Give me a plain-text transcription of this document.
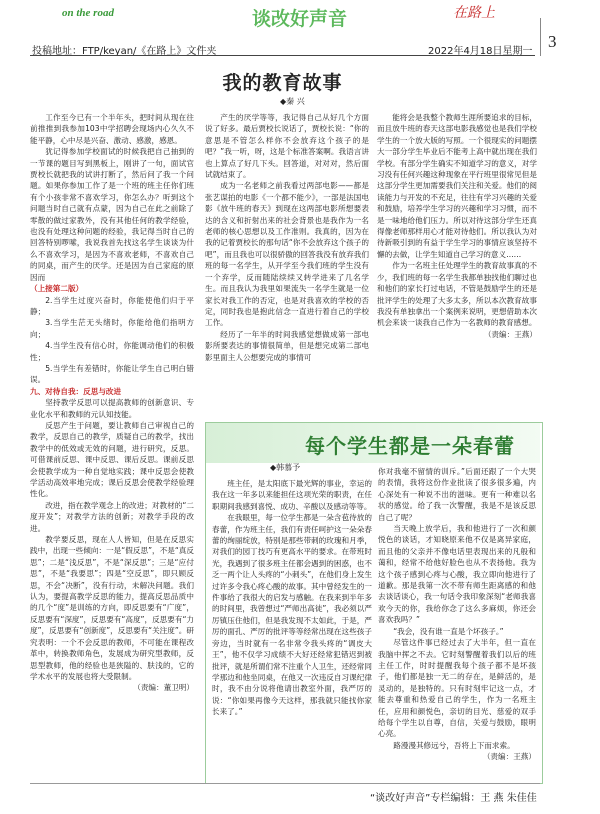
on the road	谈改好声音	在路上
投稿地址：FTP/keyan/《在路上》文件夹	2022年4月18日星期一
3
我的教育故事
◆秦 兴

工作至今已有一个半年头，把时间从现在往前推推到我参加103中学招聘会现场内心久久不能平静，心中尽是兴奋、激动、感激，感恩。

犹记得参加学校面试的时候我把自己抽到的一节课的题目写到黑板上，刚讲了一句，面试官贾校长就把我的试讲打断了，然后问了我一个问题。如果你参加工作了是一个班的班主任你们班有个小孩非常不喜欢学习，你怎么办？听到这个问题当时自己就有点蒙，因为自己在此之前除了零散的做过家教外，没有其他任何的教学经验，也没有处理这种问题的经验，我记得当时自己的回答特别啰嗦，我说我首先找这名学生谈谈为什么不喜欢学习，是因为不喜欢老师，不喜欢自己的同桌，而产生的厌学。还是因为自己家庭的原因而

（上接第二版）

2.当学生过度兴奋时，你能使他们归于平静；

3.当学生茫无头绪时，你能给他们指明方向；

4.当学生没有信心时，你能调动他们的积极性；

5.当学生有差错时，你能让学生自己明白错误。

九、对待自我：反思与改进

坚持教学反思可以提高教师的创新意识、专业化水平和教师的元认知技能。

反思产生于问题，要让教师自己审视自己的教学，反思自己的教学，质疑自己的教学，找出教学中的低效或无效的问题，进行研究，反思。可借课前反思、课中反思、课后反思。课前反思会使教学成为一种自觉地实践；课中反思会使教学活动高效率地完成；课后反思会使教学经验理性化。

改进，指在教学观念上的改进；对教材的“二度开发”；对教学方法的创新；对教学手段的改进。

教学要反思，现在人人皆知，但是在反思实践中，出现一些倾向：一是“假反思”，不是“真反思”；二是“浅反思”，不是“深反思”；三是“应付思”，不是“我要思”；四是“空反思”，即只顾反思，不会“决断”，没有行动，未解决问题。我们认为，要提高教学反思的能力，提高反思品质中的几个“度”是训练的方向，即反思要有“广度”，反思要有“深度”，反思要有“高度”，反思要有“力度”，反思要有“创新度”，反思要有“关注度”。研究表明：一个不会反思的教师，不可能在课程改革中，转换教师角色，发展成为研究型教师，反思型教师，他的经验也是狭隘的、肤浅的，它的学术水平的发展也将大受限制。

（责编：董卫明）

产生的厌学等等，我记得自己从好几个方面说了好多。最后贾校长说话了，贾校长说：“你的意思是不管怎么样你不会放弃这个孩子的是吧？”我一听，呀，这是个标准答案啊。我语言讲也上算点了好几下头。回答道，对对对，然后面试就结束了。

成为一名老师之前我看过两部电影——都是张艺谋拍的电影《一个都不能少》，一部是法国电影《放牛班的春天》到现在这两部电影所想要表达的含义和折射出来的社会背景也是我作为一名老师的核心思想以及工作准则。我真的，因为在我的记着贾校长的那句话“你不会放弃这个孩子的吧”，而且我也可以很骄傲的回答我没有放弃我们班的每一名学生，从开学至今我们班的学生没有一个弃学，反而随陆续续又转学进来了几名学生。而且我认为我里如果流失一名学生就是一位家长对我工作的否定，也是对我喜欢的学校的否定，同时我也是抱此信念一直进行着自己的学校工作。

经历了一年半的时间我感觉想做成第一部电影所要表达的事情很简单，但是想完成第二部电影里面主人公想要完成的事情可

能将会是我整个教师生涯所要追求的目标，而且放牛班的春天这部电影我感觉也是我们学校学生的一个放大版的写照。一个很现实的问题摆大一部分学生毕业后不能考上高中就出现在我们学校。有部分学生确实不知道学习的意义，对学习没有任何兴趣这种现象在平行班里很常见但是这部分学生更加需要我们关注和关爱。他们的阅读能力与开发的不充足，往往有学习兴趣的关爱和鼓励，培养学生学习的兴趣和学习习惯，而不是一味地给他们压力。所以对待这部分学生还真得像老师那样用心才能对待他们。所以我认为对待新吸引到的有益于学生学习的事情应该坚持不懈的去做，让学生知道自己学习的意义……

作为一名班主任处理学生的教育故事真的不少，我们班的每一名学生我都单独找他们聊过也和他们的家长打过电话，不管是鼓励学生的还是批评学生的处理了大多太多，所以本次教育故事我没有单独拿出一个案例来说明，更想借助本次机会来谈一谈我自己作为一名教师的教育感想。

（责编：王燕）

每个学生都是一朵春蕾
◆韩慕予

班主任，是太阳底下最光辉的事业，幸运的我在这一年多以来能担任这项光荣的职责，在任职期间我感到喜悦、成功、辛酸以及感动等等。

在我眼里，每一位学生都是一朵含苞待放的春蕾，作为班主任，我们有责任呵护这一朵朵春蕾的绚丽绽放，特别是那些带刺的玫瑰和月季，对我们的园丁技巧有更高水平的要求。在带班时光，我遇到了很多班主任都会遇到的困惑，也不乏一两个让人头疼的“小刺头”，在他们身上发生过许多令我心疼心酸的故事。其中曾经发生的一件事给了我很大的启发与感触。在我来到半年多的时间里，我曾想过“严师出高徒”，我必须以严厉镇压住他们，但是我发现不太如此，于是，严厉的面孔、严厉的批评等等经常出现在这些孩子旁边，当时就有一名非常令我头疼的“调皮大王”，他不仅学习成绩不大好还经常犯错迟到被批评，就是所谓们常不注重个人卫生，还经常同学那边和他坐同桌，在他又一次违反自习课纪律时，我不由分说将他请出教室外面，我严厉的说：“你如果再像今天这样，那我就只能找你家长来了。”

你对我毫不留情的训斥。”后面还跟了一个大哭的表情，我将这份作业批读了很多很多遍，内心深处有一种说不出的滋味。更有一种难以名状的感觉。给了我一次警醒，我是不是该反思自己了呢？

当天晚上放学后，我和他进行了一次和颜悦色的谈话，才知晓原来他不仅是离异家庭，而且他的父亲并不像电话里表现出来的凡般和蔼和，经常不给他好脸色也从不表扬他。我为这个孩子感到心疼与心酸，我立即向他进行了道歉。那是我第一次不带有师生距离感的和他去谈话谈心，我一句话令我印象深刻“老师我喜欢今天的你，我给你念了这么多麻烦，你还会喜欢我吗？”

“我会，没有谁一直是个坏孩子。”

尽管这件事已经过去了大半年，但一直在我脑中挥之不去。它时刻警醒着我们以后的班主任工作，时时提醒我每个孩子都不是坏孩子，他们都是独一无二的存在，是鲜活的，是灵动的，是独特的。只有时刻牢记这一点，才能去尊重和热爱自己的学生，作为一名班主任，应用和颜悦色，亲切的目光、慈爱的双手给每个学生以自尊，自信，关爱与鼓励，眼明心亮。

路漫漫其修远兮，吾将上下而求索。

（责编：王燕）

“谈改好声音”专栏编辑：王 燕 朱佳佳
